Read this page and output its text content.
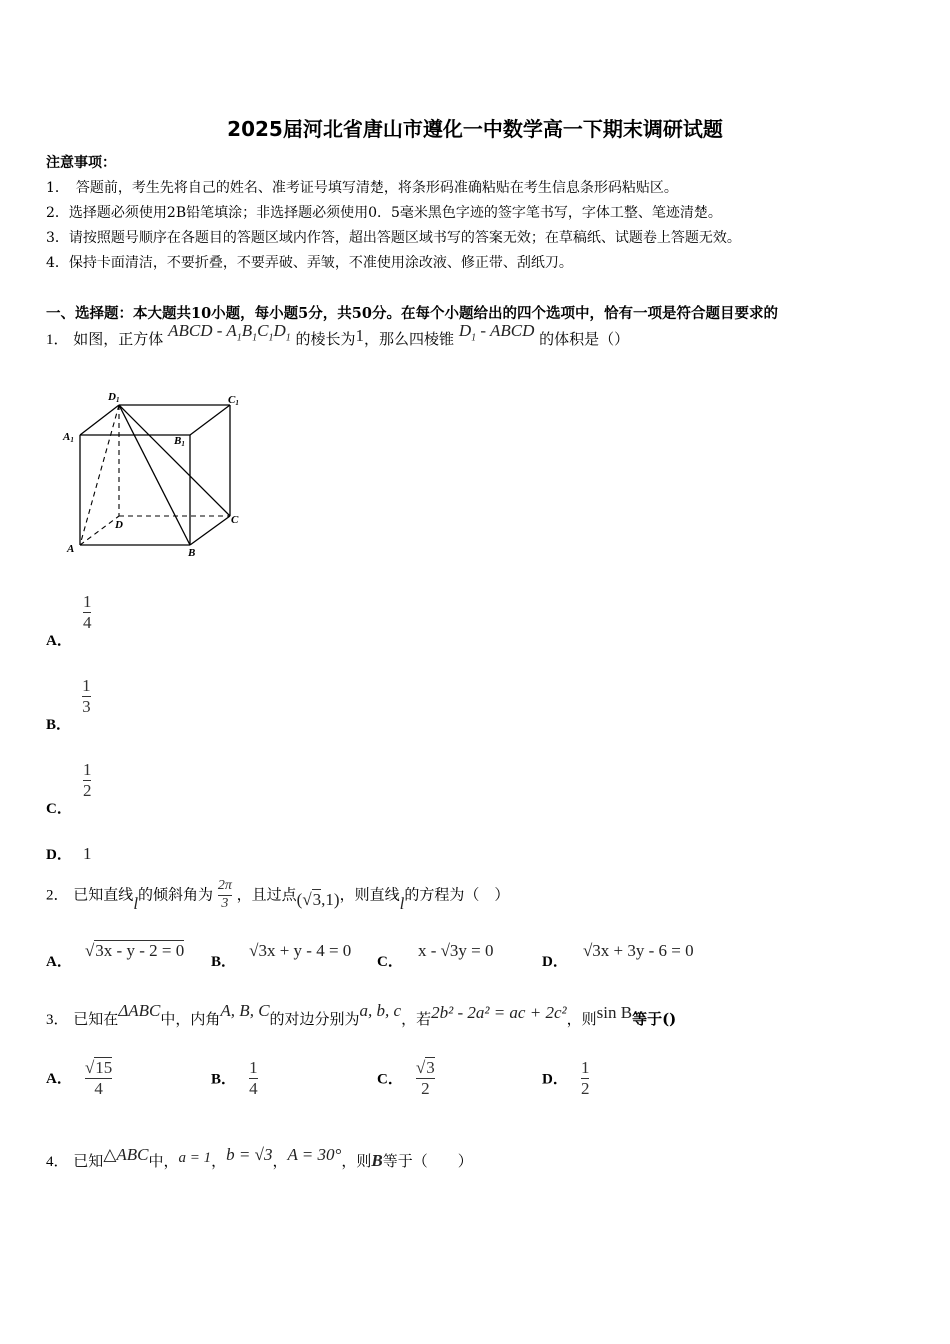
2025届河北省唐山市遵化一中数学高一下期末调研试题
注意事项：
1．　答题前，考生先将自己的姓名、准考证号填写清楚，将条形码准确粘贴在考生信息条形码粘贴区。
2．选择题必须使用2B铅笔填涂；非选择题必须使用0．5毫米黑色字迹的签字笔书写，字体工整、笔迹清楚。
3．请按照题号顺序在各题目的答题区域内作答，超出答题区域书写的答案无效；在草稿纸、试题卷上答题无效。
4．保持卡面清洁，不要折叠，不要弄破、弄皱，不准使用涂改液、修正带、刮纸刀。
一、选择题：本大题共10小题，每小题5分，共50分。在每个小题给出的四个选项中，恰有一项是符合题目要求的
1． 如图，正方体 ABCD - $A_1B_1C_1D_1$ 的棱长为1，那么四棱锥 $D_1$ - ABCD 的体积是（）
D1	C1
A1	B1
D	C
A	B
A．
$\frac{1}{4}$
B．
$\frac{1}{3}$
C．
$\frac{1}{2}$
D． 1
2． 已知直线l的倾斜角为 $\frac{2\pi}{3}$ ，且过点(√3,1)，则直线l的方程为（　）
A． √3x - y - 2 = 0
B． √3x + y - 4 = 0
C． x - √3y = 0
D． √3x + 3y - 6 = 0
3． 已知在ΔABC中，内角A, B, C的对边分别为a, b, c，若2b² - 2a² = ac + 2c²，则sin B等于()
A． $\frac{√15}{4}$	B． $\frac{1}{4}$	C． $\frac{√3}{2}$	D． $\frac{1}{2}$
4． 已知△ABC中，a = 1，b = √3，A = 30°，则B等于（　　）
